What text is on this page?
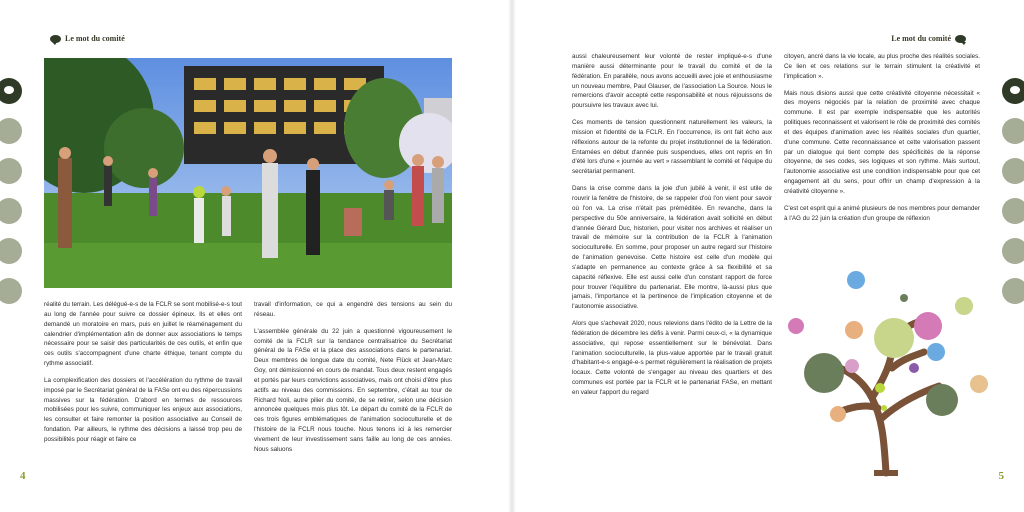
Le mot du comité

réalité du terrain. Les délégué-e-s de la FCLR se sont mobilisé-e-s tout au long de l'année pour suivre ce dossier épineux. Ils et elles ont demandé un moratoire en mars, puis en juillet le réaménagement du calendrier d'implémentation afin de donner aux associations le temps nécessaire pour se saisir des particularités de ces outils, et enfin que ces outils s'accompagnent d'une charte éthique, tenant compte du rythme associatif.

La complexification des dossiers et l'accélération du rythme de travail imposé par le Secrétariat général de la FASe ont eu des répercussions massives sur la fédération. D'abord en termes de ressources mobilisées pour les suivre, communiquer les enjeux aux associations, les consulter et faire remonter la position associative au Conseil de fondation. Par ailleurs, le rythme des décisions a laissé trop peu de possibilités pour réagir et faire ce

travail d'information, ce qui a engendré des tensions au sein du réseau.

L'assemblée générale du 22 juin a questionné vigoureusement le comité de la FCLR sur la tendance centralisatrice du Secrétariat général de la FASe et la place des associations dans le partenariat. Deux membres de longue date du comité, Nete Flück et Jean-Marc Goy, ont démissionné en cours de mandat. Tous deux restent engagés et portés par leurs convictions associatives, mais ont choisi d'être plus actifs au niveau des commissions. En septembre, c'était au tour de Richard Noli, autre pilier du comité, de se retirer, selon une décision annoncée quelques mois plus tôt. Le départ du comité de la FCLR de ces trois figures emblématiques de l'animation socioculturelle et de l'histoire de la FCLR nous touche. Nous tenons ici à les remercier vivement de leur investissement sans faille au long de ces années. Nous saluons

4
Le mot du comité

aussi chaleureusement leur volonté de rester impliqué-e-s d'une manière aussi déterminante pour le travail du comité et de la fédération. En parallèle, nous avons accueilli avec joie et enthousiasme un nouveau membre, Paul Glauser, de l'association La Source. Nous le remercions d'avoir accepté cette responsabilité et nous réjouissons de poursuivre les travaux avec lui.

Ces moments de tension questionnent naturellement les valeurs, la mission et l'identité de la FCLR. En l'occurrence, ils ont fait écho aux réflexions autour de la refonte du projet institutionnel de la fédération. Entamées en début d'année puis suspendues, elles ont repris en fin d'été lors d'une « journée au vert » rassemblant le comité et l'équipe du secrétariat permanent.

Dans la crise comme dans la joie d'un jubilé à venir, il est utile de rouvrir la fenêtre de l'histoire, de se rappeler d'où l'on vient pour savoir où l'on va. La crise n'était pas préméditée. En revanche, dans la perspective du 50e anniversaire, la fédération avait sollicité en début d'année Gérard Duc, historien, pour visiter nos archives et réaliser un travail de mémoire sur la contribution de la FCLR à l'animation socioculturelle. En somme, pour proposer un autre regard sur l'histoire de l'animation genevoise. Cette histoire est celle d'un modèle qui s'adapte en permanence au contexte grâce à sa flexibilité et sa capacité réflexive. Elle est aussi celle d'un constant rapport de force pour trouver l'équilibre du partenariat. Elle montre, là-aussi plus que jamais, l'importance et la pertinence de l'implication citoyenne et de l'autonomie associative.

Alors que s'achevait 2020, nous relevions dans l'édito de la Lettre de la fédération de décembre les défis à venir. Parmi ceux-ci, « la dynamique associative, qui repose essentiellement sur le bénévolat. Dans l'animation socioculturelle, la plus-value apportée par le travail gratuit d'habitant-e-s engagé-e-s permet régulièrement la réalisation de projets locaux. Cette volonté de s'engager au niveau des quartiers et des communes est portée par la FCLR et le partenariat FASe, en mettant en valeur l'apport du regard

citoyen, ancré dans la vie locale, au plus proche des réalités sociales. Ce lien et ces relations sur le terrain stimulent la créativité et l'implication ».

Mais nous disions aussi que cette créativité citoyenne nécessitait « des moyens négociés par la relation de proximité avec chaque commune. Il est par exemple indispensable que les autorités politiques reconnaissent et valorisent le rôle de proximité des comités et des équipes d'animation avec les réalités sociales d'un quartier, d'une commune. Cette reconnaissance et cette valorisation passent par un dialogue qui tient compte des spécificités de la réponse citoyenne, de ses codes, ses logiques et son rythme. Mais surtout, l'autonomie associative est une condition indispensable pour que cet engagement ait du sens, pour offrir un champ d'expression à la créativité citoyenne ».

C'est cet esprit qui a animé plusieurs de nos membres pour demander à l'AG du 22 juin la création d'un groupe de réflexion

5
